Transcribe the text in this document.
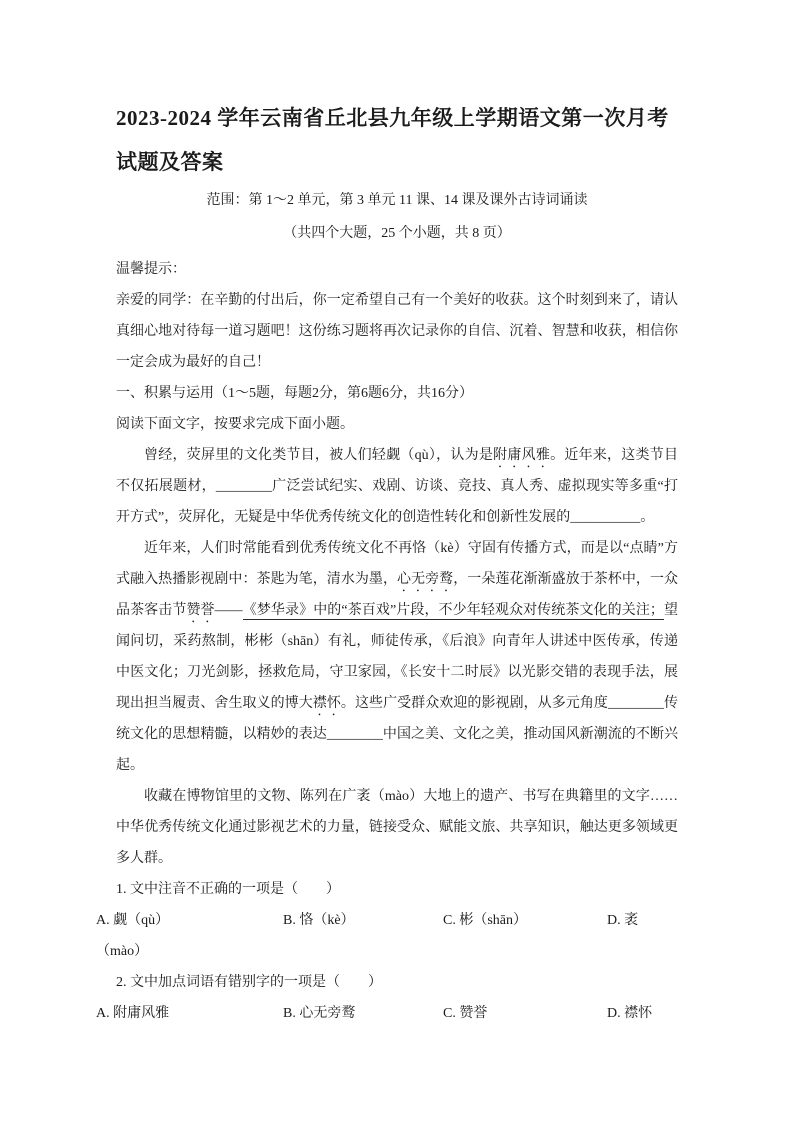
2023-2024 学年云南省丘北县九年级上学期语文第一次月考
试题及答案

范围：第 1～2 单元，第 3 单元 11 课、14 课及课外古诗词诵读

（共四个大题，25 个小题，共 8 页）

温馨提示：

亲爱的同学：在辛勤的付出后，你一定希望自己有一个美好的收获。这个时刻到来了，请认真细心地对待每一道习题吧！这份练习题将再次记录你的自信、沉着、智慧和收获，相信你一定会成为最好的自己！

一、积累与运用（1～5题，每题2分，第6题6分，共16分）

阅读下面文字，按要求完成下面小题。

曾经，荧屏里的文化类节目，被人们轻觑（qù），认为是附庸风雅。近年来，这类节目不仅拓展题材，________广泛尝试纪实、戏剧、访谈、竞技、真人秀、虚拟现实等多重“打开方式”，荧屏化，无疑是中华优秀传统文化的创造性转化和创新性发展的__________。

近年来，人们时常能看到优秀传统文化不再恪（kè）守固有传播方式，而是以“点睛”方式融入热播影视剧中：茶匙为笔，清水为墨，心无旁鹜，一朵莲花渐渐盛放于茶杯中，一众品茶客击节赞誉——《梦华录》中的“茶百戏”片段，不少年轻观众对传统茶文化的关注；望闻问切，采药熬制，彬彬（shān）有礼，师徒传承，《后浪》向青年人讲述中医传承，传递中医文化；刀光剑影，拯救危局，守卫家园，《长安十二时辰》以光影交错的表现手法，展现出担当履责、舍生取义的博大襟怀。这些广受群众欢迎的影视剧，从多元角度________传统文化的思想精髓，以精妙的表达________中国之美、文化之美，推动国风新潮流的不断兴起。

收藏在博物馆里的文物、陈列在广袤（mào）大地上的遗产、书写在典籍里的文字……中华优秀传统文化通过影视艺术的力量，链接受众、赋能文旅、共享知识，触达更多领域更多人群。

1. 文中注音不正确的一项是（　　）

A. 觑（qù）	B. 恪（kè）	C. 彬（shān）	D. 袤
（mào）

2. 文中加点词语有错别字的一项是（　　）

A. 附庸风雅	B. 心无旁鹜	C. 赞誉	D. 襟怀
